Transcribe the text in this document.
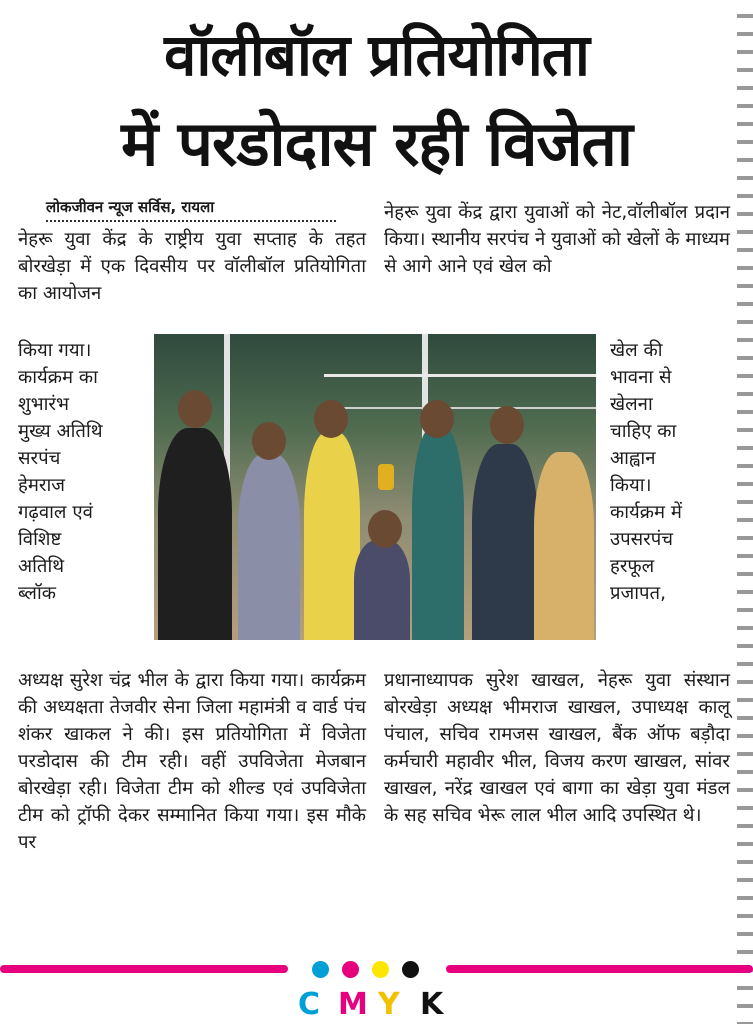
वॉलीबॉल प्रतियोगिता
में परडोदास रही विजेता
लोकजीवन न्यूज सर्विस, रायला
नेहरू युवा केंद्र के राष्ट्रीय युवा सप्ताह के तहत बोरखेड़ा में एक दिवसीय पर वॉलीबॉल प्रतियोगिता का आयोजन
किया गया।
कार्यक्रम का
शुभारंभ
मुख्य अतिथि
सरपंच
हेमराज
गढ़वाल एवं
विशिष्ट
अतिथि
ब्लॉक
अध्यक्ष सुरेश चंद्र भील के द्वारा किया गया। कार्यक्रम की अध्यक्षता तेजवीर सेना जिला महामंत्री व वार्ड पंच शंकर खाकल ने की। इस प्रतियोगिता में विजेता परडोदास की टीम रही। वहीं उपविजेता मेजबान बोरखेड़ा रही। विजेता टीम को शील्ड एवं उपविजेता टीम को ट्रॉफी देकर सम्मानित किया गया। इस मौके पर
नेहरू युवा केंद्र द्वारा युवाओं को नेट,वॉलीबॉल प्रदान किया। स्थानीय सरपंच ने युवाओं को खेलों के माध्यम से आगे आने एवं खेल को
खेल की
भावना से
खेलना
चाहिए का
आह्वान
किया।
कार्यक्रम में
उपसरपंच
हरफूल
प्रजापत,
प्रधानाध्यापक सुरेश खाखल, नेहरू युवा संस्थान बोरखेड़ा अध्यक्ष भीमराज खाखल, उपाध्यक्ष कालू पंचाल, सचिव रामजस खाखल, बैंक ऑफ बड़ौदा कर्मचारी महावीर भील, विजय करण खाखल, सांवर खाखल, नरेंद्र खाखल एवं बागा का खेड़ा युवा मंडल के सह सचिव भेरू लाल भील आदि उपस्थित थे।
C M Y K
